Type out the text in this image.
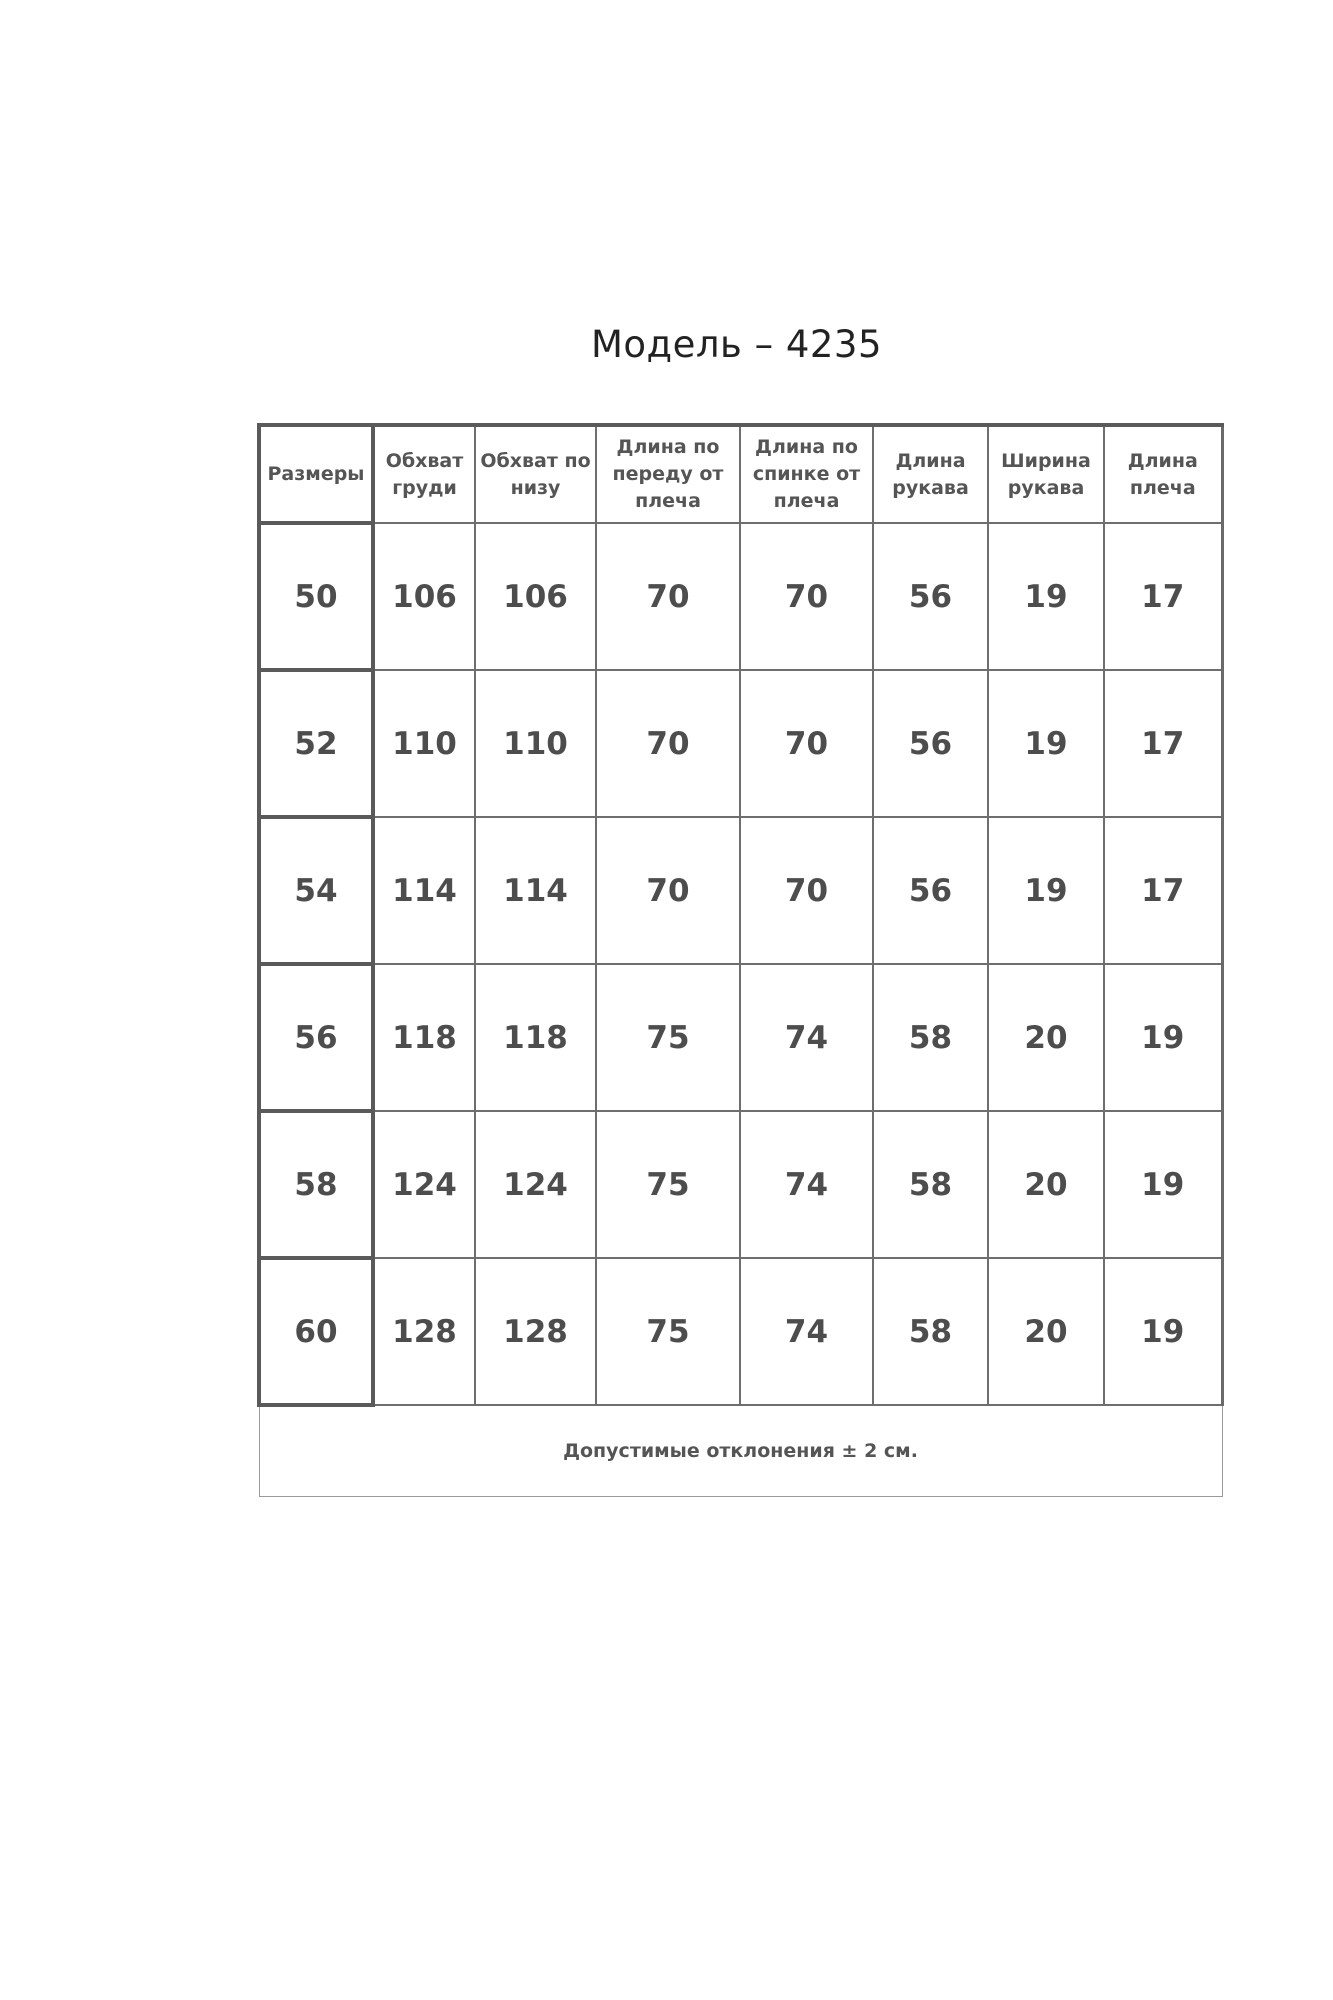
Модель – 4235
Размеры	Обхват груди	Обхват по низу	Длина по переду от плеча	Длина по спинке от плеча	Длина рукава	Ширина рукава	Длина плеча
50	106	106	70	70	56	19	17
52	110	110	70	70	56	19	17
54	114	114	70	70	56	19	17
56	118	118	75	74	58	20	19
58	124	124	75	74	58	20	19
60	128	128	75	74	58	20	19
Допустимые отклонения ± 2 см.							
